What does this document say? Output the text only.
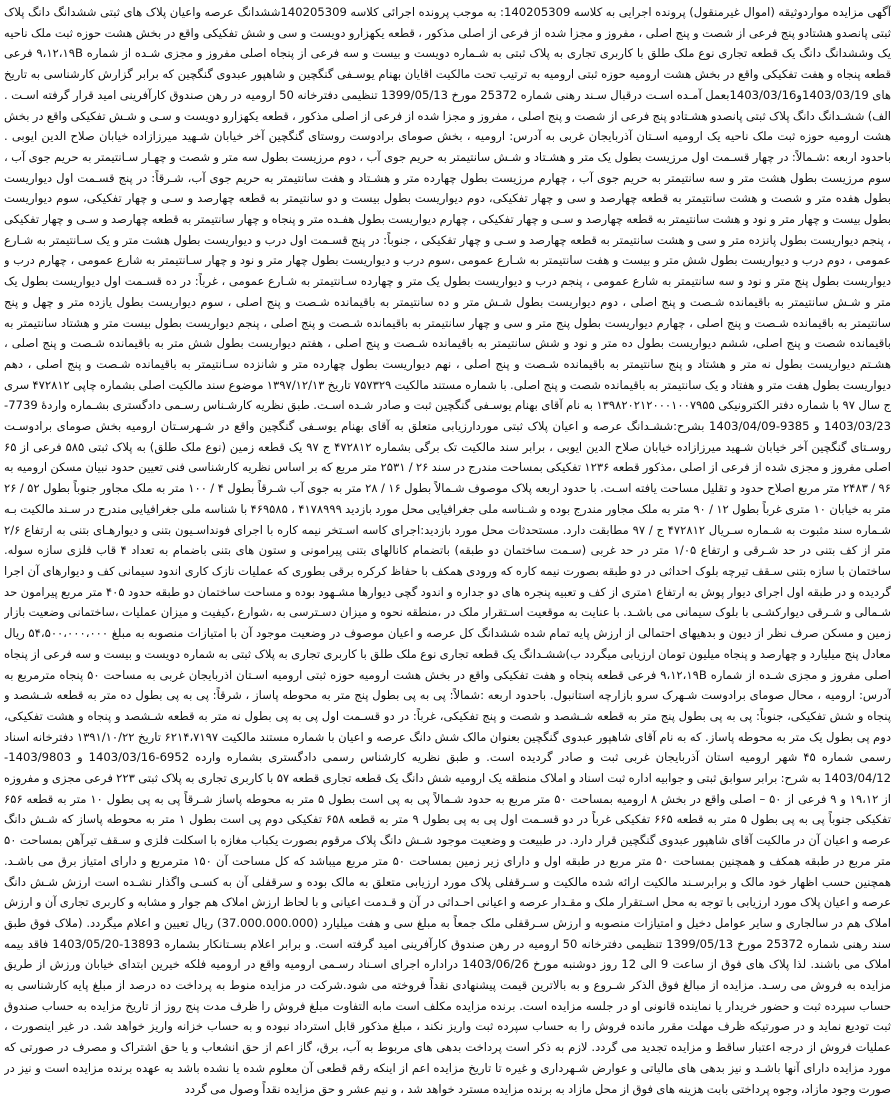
آگهی مزایده مواردوثیقه (اموال غیرمنقول) پرونده اجرایی به کلاسه 140205309: به موجب پرونده اجرائی کلاسه 140205309ششدانگ عرصه واعیان پلاک های ثبتی ششدانگ دانگ پلاک ثبتی پانصدو هشتادو پنج فرعی از شصت و پنج اصلی ، مفروز و مجزا شده از فرعی از اصلی مذکور ، قطعه یکهزارو دویست و سی و شش تفکیکی واقع در بخش هشت حوزه ثبت ملک ناحیه یک وششدانگ دانگ یک قطعه تجاری نوع ملک طلق با کاربری تجاری به پلاک ثبتی به شـماره دویست و بیست و سه فرعی از پنجاه اصلی مفروز و مجزی شـده از شماره ۹،۱۲،۱۹B فرعی قطعه پنجاه و هفت تفکیکی واقع در بخش هشت ارومیه حوزه ثبتی ارومیه به ترتیب تحت مالکیت اقایان بهنام یوسـفی گنگچین و شاهپور عبدوی گنگچین که برابر گزارش کارشناسی به تاریخ های 1403/03/19و1403/03/16بعمل آمـده اسـت درقبال سـند رهنی شماره 25372 مورخ 1399/05/13 تنظیمی دفترخانه 50 ارومیه در رهن صندوق کارآفرینی امید قرار گرفته اسـت . الف) ششـدانگ دانگ پلاک ثبتی پانصدو هشـتادو پنج فرعی از شصت و پنج اصلی ، مفروز و مجزا شده از فرعی از اصلی مذکور ، قطعه یکهزارو دویست و سـی و شـش تفکیکی واقع در بخش هشت ارومیه حوزه ثبت ملک ناحیه یک ارومیه اسـتان آذربایجان غربی به آدرس: ارومیه ، بخش صومای برادوست روستای گنگچین آخر خیابان شـهید میرزازاده خیابان صلاح الدین ایوبی . باحدود اربعه :شـمالاً: در چهار قسـمت اول مرزیست بطول یک متر و هشـتاد و شـش سانتیمتر به حریم جوی آب ، دوم مرزیست بطول سه متر و شصت و چهـار سـانتیمتر به حریم جوی آب ، سوم مرزیست بطول هشت متر و سه سانتیمتر به حریم جوی آب ، چهارم مرزیست بطول چهارده متر و هشـتاد و هفت سانتیمتر به حریم جوی آب، شـرقاً: در پنج قسـمت اول دیواریست بطول هفده متر و شصت و هشت سانتیمتر به قطعه چهارصد و سی و چهار تفکیکی، دوم دیواریست بطول بیست و دو سانتیمتر به قطعه چهارصد و سـی و چهار تفکیکی، سوم دیواریست بطول بیست و چهار متر و نود و هشت سانتیمتر به قطعه چهارصد و سـی و چهار تفکیکی ، چهارم دیواریست بطول هفـده متر و پنجاه و چهار سانتیمتر به قطعه چهارصد و سـی و چهار تفکیکی ، پنجم دیواریست بطول پانزده متر و سی و هشت سانتیمتر به قطعه چهارصد و سـی و چهار تفکیکی ، جنوباً: در پنج قسـمت اول درب و دیواریست بطول هشت متر و یک سـانتیمتر به شـارع عمومی ، دوم درب و دیواریست بطول شش متر و بیست و هفت سانتیمتر به شـارع عمومی ،سوم درب و دیواریست بطول چهار متر و نود و چهار سـانتیمتر به شارع عمومی ، چهارم درب و دیواریست بطول پنج متر و نود و سه سانتیمتر به شارع عمومی ، پنجم درب و دیواریست بطول یک متر و چهارده سـانتیمتر به شـارع عمومی ، غرباً: در ده قسـمت اول دیواریست بطول یک متر و شـش سانتیمتر به باقیمانده شـصت و پنج اصلی ، دوم دیواریست بطول شـش متر و ده سانتیمتر به باقیمانده شـصت و پنج اصلی ، سوم دیواریست بطول یازده متر و چهل و پنج سانتیمتر به باقیمانده شـصت و پنج اصلی ، چهارم دیواریست بطول پنج متر و سی و چهار سانتیمتر به باقیمانده شـصت و پنج اصلی ، پنجم دیواریست بطول بیست متر و هشتاد سانتیمتر به باقیمانده شصت و پنج اصلی، ششم دیواریست بطول ده متر و نود و شش سانتیمتر به باقیمانده شـصت و پنج اصلی ، هفتم دیواریست بطول شش متر به باقیمانده شـصت و پنج اصلی ، هشـتم دیواریست بطول نه متر و هشتاد و پنج سانتیمتر به باقیمانده شـصت و پنج اصلی ، نهم دیواریست بطول چهارده متر و شانزده سـانتیمتر به باقیمانده شـصت و پنج اصلی ، دهم دیواریست بطول هفت متر و هفتاد و یک سانتیمتر به باقیمانده شصت و پنج اصلی. با شماره مستند مالکیت ۷۵۷۳۲۹ تاریخ ۱۳۹۷/۱۲/۱۳ موضوع سند مالکیت اصلی بشماره چاپی ۴۷۲۸۱۲ سری ج سال ۹۷ با شماره دفتر الکترونیکی ۱۳۹۸۲۰۲۱۲۰۰۰۱۰۰۷۹۵۵ به نام آقای بهنام یوسـفی گنگچین ثبت و صادر شـده اسـت. طبق نظریه کارشـناس رسـمی دادگستری بشـماره واردهٔ 7739-1403/03/23 و 9385-1403/04/09 بشرح:ششـدانگ عرصه و اعیان پلاک ثبتی موردارزیابی متعلق به آقای بهنام یوسـفی گنگچین واقع در شـهرسـتان ارومیه بخش صومای برادوسـت روسـتای گنگچین آخر خیابان شـهید میرزازاده خیابان صلاح الدین ایوبی ، برابر سند مالکیت تک برگی بشماره ۴۷۲۸۱۲ ج ۹۷ یک قطعه زمین (نوع ملک طلق) به پلاک ثبتی ۵۸۵ فرعی از ۶۵ اصلی مفروز و مجزی شده از فرعی از اصلی ،مذکور قطعه ۱۲۳۶ تفکیکی بمساحت مندرج در سند ۲۶ / ۲۵۳۱ متر مربع که بر اساس نظریه کارشناسی فنی تعیین حدود نبیان مسکن ارومیه به ۹۶ / ۲۴۸۳ متر مربع اصلاح حدود و تقلیل مساحت یافته اسـت. با حدود اربعه پلاک موصوف شـمالاً بطول ۱۶ / ۲۸ متر به جوی آب شـرقاً بطول ۴ / ۱۰۰ متر به ملک مجاور جنوباً بطول ۵۲ / ۲۶ متر به خیابان ۱۰ متری غرباً بطول ۱۲ / ۹۰ متر به ملک مجاور مندرج بوده و شـناسه ملی جغرافیایی محل مورد بازدید ۴۱۷۸۹۹۹ ، ۴۶۹۵۸۵ با شناسه ملی جغرافیایی مندرج در سـند مالکیت بـه شـماره سند مثبوت به شـماره سـریال ۴۷۲۸۱۲ ج / ۹۷ مطابقت دارد. مستحدثات محل مورد بازدید:اجرای کاسه اسـتخر نیمه کاره با اجرای فونداسـیون بتنی و دیوارهـای بتنی به ارتفاع ۲/۶ متر از کف بتنی در حد شـرقی و ارتفاع ۱/۰۵ متر در حد غربی (سـمت ساختمان دو طبقه) باتضمام کانالهای بتنی پیرامونی و ستون های بتنی باضمام به تعداد ۴ قاب فلزی سازه سوله. ساختمان با سازه بتنی سـقف تیرچه بلوک احداثی در دو طبقه بصورت نیمه کاره که ورودی همکف با حفاظ کرکره برقی بطوری که عملیات نازک کاری اندود سیمانی کف و دیوارهای آن اجرا گردیده و در طبقه اول اجرای دیوار پوش به ارتفاع ۱متری از کف و تعبیه پنجره های دو جداره و اندود گچی دیوارها مشـهود بوده و مساحت ساختمان دو طبقه حدود ۴۰۵ متر مربع پیرامون حد شـمالی و شـرقی دیوارکشـی با بلوک سیمانی می باشـد. با عنایت به موقعیت اسـتقرار ملک در ،منطقه نحوه و میزان دسـترسی به ،شوارع ،کیفیت و میزان عملیات ،ساختمانی وضعیت بازار زمین و مسکن صرف نظر از دیون و بدهیهای احتمالی از ارزش پایه تمام شده ششدانگ کل عرصه و اعیان موصوف در وضعیت موجود آن با امتیازات منصوبه به مبلغ ۵۴،۵۰۰،۰۰۰،۰۰۰ ریال معادل پنج میلیارد و چهارصد و پنجاه میلیون تومان ارزیابی میگردد ب)ششـدانگ یک قطعه تجاری نوع ملک طلق با کاربری تجاری به پلاک ثبتی به شماره دویست و بیست و سه فرعی از پنجاه اصلی مفروز و مجزی شـده از شماره ۹،۱۲،۱۹B فرعی قطعه پنجاه و هفت تفکیکی واقع در بخش هشت ارومیه حوزه ثبتی ارومیه اسـتان اذربایجان غربی به مساحت ۵۰ پنجاه مترمربع به آدرس: ارومیه ، محال صومای برادوست شـهرک سرو بازارچه استانبول. باحدود اربعه :شمالاً: پی به پی بطول پنج متر به محوطه پاساز ، شرقاً: پی به پی بطول ده متر به قطعه شـشصد و پنجاه و شش تفکیکی، جنوباً: پی به پی بطول پنج متر به قطعه شـشصد و شصت و پنج تفکیکی، غرباً: در دو قسـمت اول پی به پی بطول نه متر به قطعه شـشصد و پنجاه و هشت تفکیکی، دوم پی بطول یک متر به محوطه پاساز. که به نام آقای شاهپور عبدوی گنگچین بعنوان مالک شش دانگ عرصه و اعیان با شماره مستند مالکیت ۶۲۱۴،۷۱۹۷ تاریخ ۱۳۹۱/۱۰/۲۲ دفترخانه اسناد رسمی شماره ۴۵ شهر ارومیه استان آذربایجان غربی ثبت و صادر گردیده است. و طبق نظریه کارشناس رسمی دادگستری بشماره وارده 6952-1403/03/16 و 1403/9803-1403/04/12 به شرح: برابر سوابق ثبتی و جوابیه اداره ثبت اسناد و املاک منطقه یک ارومیه شش دانگ یک قطعه تجاری قطعه ۵۷ با کاربری تجاری به پلاک ثبتی ۲۲۳ فرعی مجزی و مفروزه از ۱۹،۱۲ و ۹ فرعی از ۵۰ – اصلی واقع در بخش ۸ ارومیه بمساحت ۵۰ متر مربع به حدود شـمالاً پی به پی است بطول ۵ متر به محوطه پاساز شـرقاً پی به پی بطول ۱۰ متر به قطعه ۶۵۶ تفکیکی جنوباً پی به پی بطول ۵ متر به قطعه ۶۶۵ تفکیکی غرباً در دو قسـمت اول پی به پی بطول ۹ متر به قطعه ۶۵۸ تفکیکی دوم پی است بطول ۱ متر به محوطه پاساز که شـش دانگ عرصه و اعیان آن در مالکیت آقای شاهپور عبدوی گنگچین قرار دارد. در طبیعت و وضعیت موجود شـش دانگ پلاک مرقوم بصورت یکباب مغازه با اسکلت فلزی و سـقف تیرآهن بمساحت ۵۰ متر مربع در طبقه همکف و همچنین بمساحت ۵۰ متر مربع در طبقه اول و دارای زیر زمین بمساحت ۵۰ متر مربع میباشد که کل مساحت آن ۱۵۰ مترمربع و دارای امتیاز برق می باشـد. همچنین حسب اظهار خود مالک و برابرسـند مالکیت ارائه شده مالکیت و سـرقفلی پلاک مورد ارزیابی متعلق به مالک بوده و سرقفلی آن به کسـی واگذار نشـده است ارزش شـش دانگ عرصه و اعیان پلاک مورد ارزیابی با توجه به محل اسـتقرار ملک و مقـدار عرصه و اعیانی احـداثی در آن و قـدمت اعیانی و با لحاظ ارزش املاک هم جوار و مشابه و کاربری تجاری آن و ارزش املاک هم در سالجاری و سایر عوامل دخیل و امتیازات منصوبه و ارزش سـرقفلی ملک جمعاً به مبلغ سی و هفت میلیارد (37.000.000.000) ریال تعیین و اعلام میگردد. (ملاک فوق طبق سند رهنی شماره 25372 مورخ 1399/05/13 تنظیمی دفترخانه 50 ارومیه در رهن صندوق کارآفرینی امید گرفته است. و برابر اعلام بسـتانکار بشماره 13893-1403/05/20 فاقد بیمه املاک می باشند. لذا پلاک های فوق از ساعت 9 الی 12 روز دوشنبه مورخ 1403/06/26 دراداره اجرای اسـناد رسـمی ارومیه واقع در ارومیه فلکه خیرین ابتدای خیابان ورزش از طریق مزایده به فروش می رسـد. مزایده از مبالغ فوق الذکر شـروع و به بالاترین قیمت پیشنهادی نقداً فروخته می شود.شرکت در مزایده منوط به پرداخت ده درصد از مبلغ پایه کارشناسی به حساب سپرده ثبت و حضور خریدار یا نماینده قانونی او در جلسه مزایده است. برنده مزایده مکلف است مابه التفاوت مبلغ فروش را ظرف مدت پنج روز از تاریخ مزایده به حساب صندوق ثبت تودیع نماید و در صورتیکه ظرف مهلت مقرر مانده فروش را به حساب سپرده ثبت واریز نکند ، مبلغ مذکور قابل استرداد نبوده و به حساب خزانه واریز خواهد شد. در غیر اینصورت ، عملیات فروش از درجه اعتبار ساقط و مزایده تجدید می گردد. لازم به ذکر است پرداخت بدهی های مربوط به آب، برق، گاز اعم از حق انشعاب و یا حق اشتراک و مصرف در صورتی که مورد مزایده دارای آنها باشـد و نیز بدهی های مالیاتی و عوارض شـهرداری و غیره تا تاریخ مزایده اعم از اینکه رقم قطعی آن معلوم شده یا نشده باشد به عهده برنده مزایده است و نیز در صورت وجود مازاد، وجوه پرداختی بابت هزینه های فوق از محل مازاد به برنده مزایده مسترد خواهد شد ، و نیم عشر و حق مزایده نقداً وصول می گردد
